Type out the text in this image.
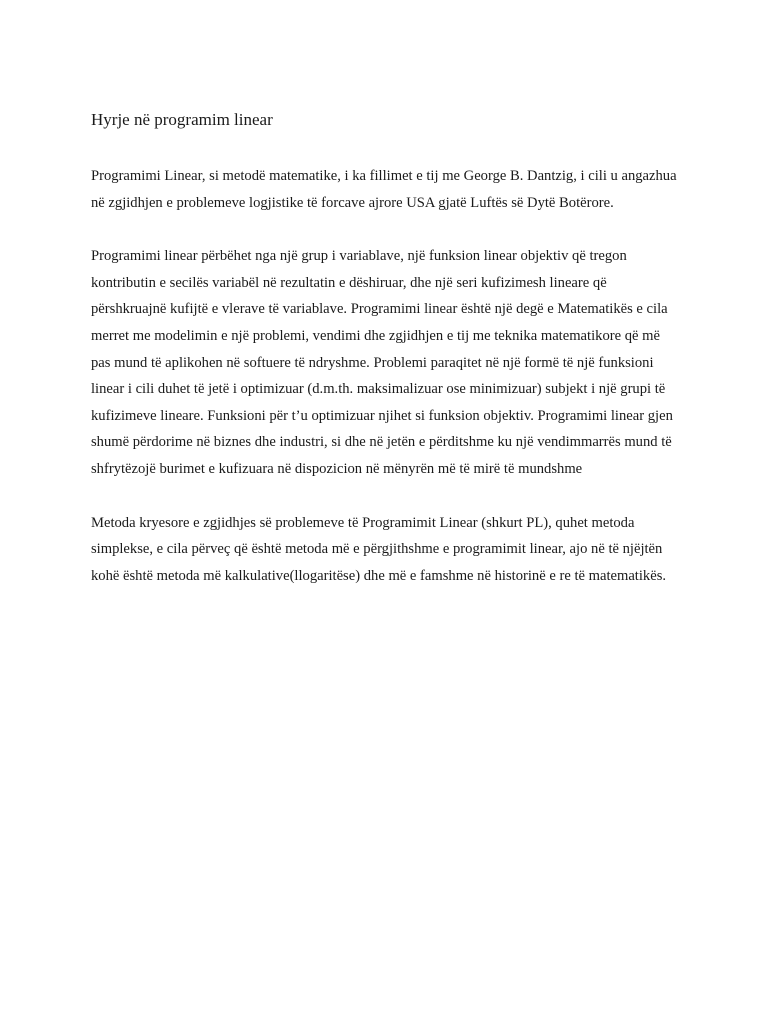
Hyrje në programim linear

Programimi Linear, si metodë matematike, i ka fillimet e tij me George B. Dantzig, i cili u angazhua në zgjidhjen e problemeve logjistike të forcave ajrore USA gjatë Luftës së Dytë Botërore.

Programimi linear përbëhet nga një grup i variablave, një funksion linear objektiv që tregon kontributin e secilës variabël në rezultatin e dëshiruar, dhe një seri kufizimesh lineare që përshkruajnë kufijtë e vlerave të variablave. Programimi linear është një degë e Matematikës e cila merret me modelimin e një problemi, vendimi dhe zgjidhjen e tij me teknika matematikore që më pas mund të aplikohen në softuere të ndryshme. Problemi paraqitet në një formë të një funksioni linear i cili duhet të jetë i optimizuar (d.m.th. maksimalizuar ose minimizuar) subjekt i një grupi të kufizimeve lineare. Funksioni për t’u optimizuar njihet si funksion objektiv. Programimi linear gjen shumë përdorime në biznes dhe industri, si dhe në jetën e përditshme ku një vendimmarrës mund të shfrytëzojë burimet e kufizuara në dispozicion në mënyrën më të mirë të mundshme

Metoda kryesore e zgjidhjes së problemeve të Programimit Linear (shkurt PL), quhet metoda simplekse, e cila përveç që është metoda më e përgjithshme e programimit linear, ajo në të njëjtën kohë është metoda më kalkulative(llogaritëse) dhe më e famshme në historinë e re të matematikës.
